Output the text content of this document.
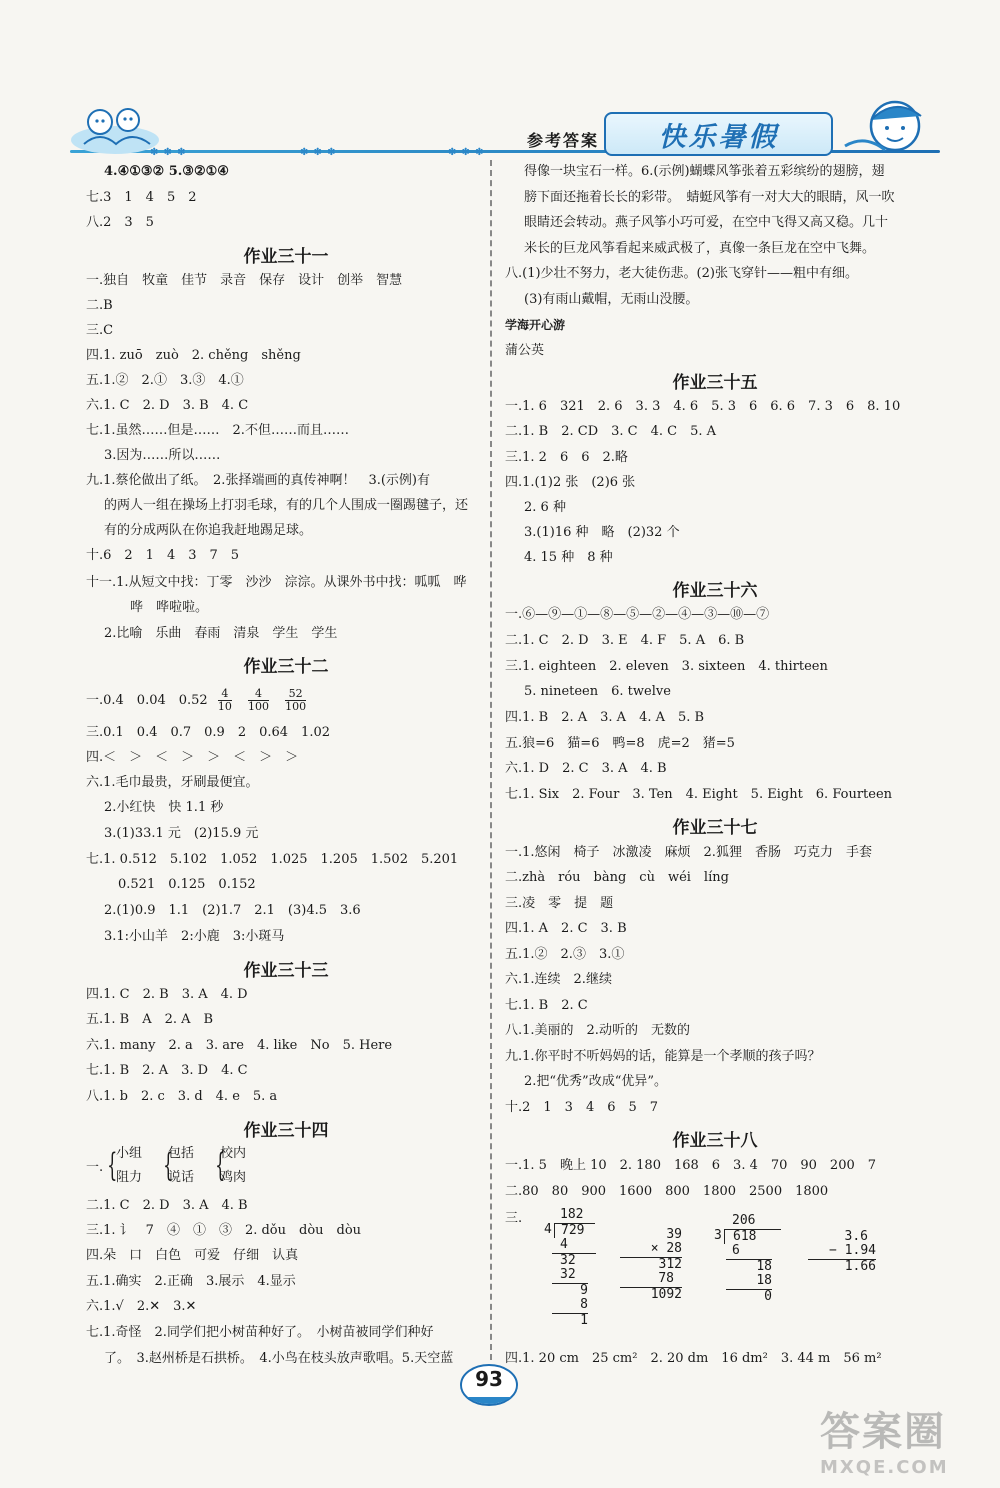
✽ ✽ ✽	✽ ✽ ✽	✽ ✽ ✽
参考答案	快乐暑假
4.④①③② 5.③②①④
七.3　1　4　5　2
八.2　3　5
作业三十一
一.独自　牧童　佳节　录音　保存　设计　创举　智慧
二.B
三.C
四.1. zuō　zuò　2. chěng　shěng
五.1.②　2.①　3.③　4.①
六.1. C　2. D　3. B　4. C
七.1.虽然……但是……　2.不但……而且……
3.因为……所以……
九.1.蔡伦做出了纸。　2.张择端画的真传神啊！　3.(示例)有
的两人一组在操场上打羽毛球，有的几个人围成一圈踢毽子，还
有的分成两队在你追我赶地踢足球。
十.6　2　1　4　3　7　5
十一.1.从短文中找：丁零　沙沙　淙淙。从课外书中找：呱呱　哗
哗　哗啦啦。
2.比喻　乐曲　春雨　清泉　学生　学生
作业三十二
一.0.4　0.04　$0.52 \frac{4}{10}$
$\frac{4}{100}$
$\frac{52}{100}$
三.0.1　0.4　0.7　0.9　2　0.64　1.02
四.＜　＞　＜　＞　＞　＜　＞　＞
六.1.毛巾最贵，牙刷最便宜。
2.小红快　快 1.1 秒
3.(1)33.1 元　(2)15.9 元
七.1. 0.512　5.102　1.052　1.025　1.205　1.502　5.201
0.521　0.125　0.152
2.(1)0.9　1.1　(2)1.7　2.1　(3)4.5　3.6
3.1:小山羊　2:小鹿　3:小斑马
作业三十三
四.1. C　2. B　3. A　4. D
五.1. B　A　2. A　B
六.1. many　2. a　3. are　4. like　No　5. Here
七.1. B　2. A　3. D　4. C
八.1. b　2. c　3. d　4. e　5. a
作业三十四
一. {
小组
阻力 {
包括
说话 {
校内
鸡肉
二.1. C　2. D　3. A　4. B
三.1. 讠　7　④　①　③　2. dǒu　dòu　dòu
四.朵　口　白色　可爱　仔细　认真
五.1.确实　2.正确　3.展示　4.显示
六.1.√　2.✕　3.✕
七.1.奇怪　2.同学们把小树苗种好了。　小树苗被同学们种好
了。　3.赵州桥是石拱桥。　4.小鸟在枝头放声歌唱。5.天空蓝
得像一块宝石一样。6.(示例)蝴蝶风筝张着五彩缤纷的翅膀，翅
膀下面还拖着长长的彩带。　蜻蜓风筝有一对大大的眼睛，风一吹
眼睛还会转动。燕子风筝小巧可爱，在空中飞得又高又稳。几十
米长的巨龙风筝看起来威武极了，真像一条巨龙在空中飞舞。
八.(1)少壮不努力，老大徒伤悲。(2)张飞穿针——粗中有细。
(3)有雨山戴帽，无雨山没腰。
学海开心游
蒲公英
作业三十五
一.1. 6　321　2. 6　3. 3　4. 6　5. 3　6　6. 6　7. 3　6　8. 10
二.1. B　2. CD　3. C　4. C　5. A
三.1. 2　6　6　2.略
四.1.(1)2 张　(2)6 张
2. 6 种
3.(1)16 种　略　(2)32 个
4. 15 种　8 种
作业三十六
一.⑥—⑨—①—⑧—⑤—②—④—③—⑩—⑦
二.1. C　2. D　3. E　4. F　5. A　6. B
三.1. eighteen　2. eleven　3. sixteen　4. thirteen
5. nineteen　6. twelve
四.1. B　2. A　3. A　4. A　5. B
五.狼=6　猫=6　鸭=8　虎=2　猪=5
六.1. D　2. C　3. A　4. B
七.1. Six　2. Four　3. Ten　4. Eight　5. Eight　6. Fourteen
作业三十七
一.1.悠闲　椅子　冰激凌　麻烦　2.狐狸　香肠　巧克力　手套
二.zhà　róu　bàng　cù　wéi　líng
三.凌　零　提　题
四.1. A　2. C　3. B
五.1.②　2.③　3.①
六.1.连续　2.继续
七.1. B　2. C
八.1.美丽的　2.动听的　无数的
九.1.你平时不听妈妈的话，能算是一个孝顺的孩子吗？
2.把“优秀”改成“优异”。
十.2　1　3　4　6　5　7
作业三十八
一.1. 5　晚上 10　2. 180　168　6　3. 4　70　90　200　7
二.80　80　900　1600　800　1800　2500　1800
三.

	182

4

729

4

32

32

9

8

1

39

× 28

312

78

1092

206

3

618

6

18

18

0

3.6

− 1.94

1.66

四.1. 20 cm　25 cm²　2. 20 dm　16 dm²　3. 44 m　56 m²
93
答案圈
MXQE.COM
